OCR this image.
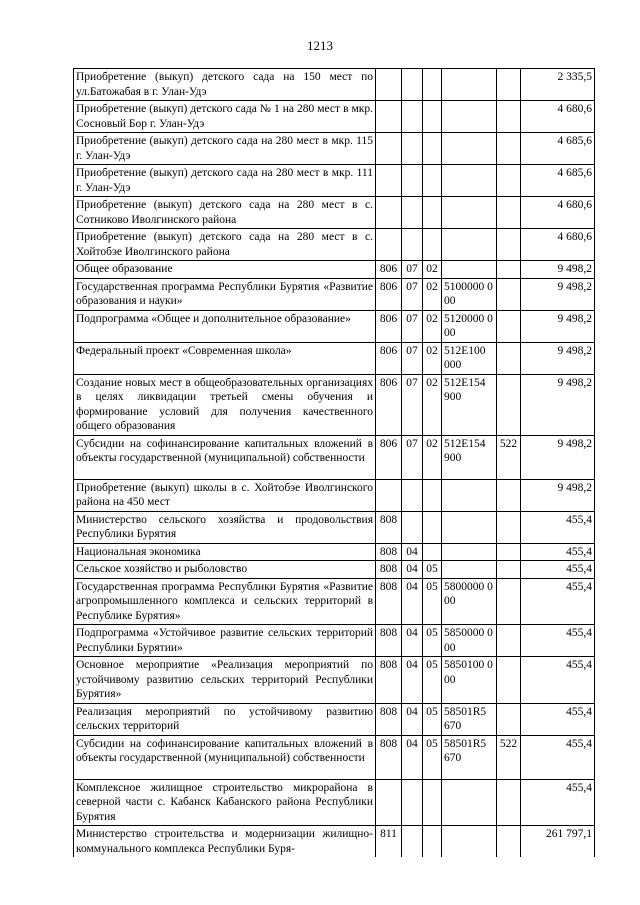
1213
Приобретение (выкуп) детского сада на 150 мест по ул.Батожабая в г. Улан-Удэ						2 335,5
Приобретение (выкуп) детского сада № 1 на 280 мест в мкр. Сосновый Бор г. Улан-Удэ						4 680,6
Приобретение (выкуп) детского сада на 280 мест в мкр. 115 г. Улан-Удэ						4 685,6
Приобретение (выкуп) детского сада на 280 мест в мкр. 111 г. Улан-Удэ						4 685,6
Приобретение (выкуп) детского сада на 280 мест в с. Сотниково Иволгинского района						4 680,6
Приобретение (выкуп) детского сада на 280 мест в с. Хойтобэе Иволгинского района						4 680,6
Общее образование	806	07	02			9 498,2
Государственная программа Республики Бурятия «Развитие образования и науки»	806	07	02	5100000 000		9 498,2
Подпрограмма «Общее и дополнительное образование»	806	07	02	5120000 000		9 498,2
Федеральный проект «Современная школа»	806	07	02	512E100 000		9 498,2
Создание новых мест в общеобразовательных организациях в целях ликвидации третьей смены обучения и формирование условий для получения качественного общего образования	806	07	02	512E154 900		9 498,2
Субсидии на софинансирование капитальных вложений в объекты государственной (муниципальной) собственности	806	07	02	512E154 900	522	9 498,2
Приобретение (выкуп) школы в с. Хойтобэе Иволгинского района на 450 мест						9 498,2
Министерство сельского хозяйства и продовольствия Республики Бурятия	808					455,4
Национальная экономика	808	04				455,4
Сельское хозяйство и рыболовство	808	04	05			455,4
Государственная программа Республики Бурятия «Развитие агропромышленного комплекса и сельских территорий в Республике Бурятия»	808	04	05	5800000 000		455,4
Подпрограмма «Устойчивое развитие сельских территорий Республики Бурятии»	808	04	05	5850000 000		455,4
Основное мероприятие «Реализация мероприятий по устойчивому развитию сельских территорий Республики Бурятия»	808	04	05	5850100 000		455,4
Реализация мероприятий по устойчивому развитию сельских территорий	808	04	05	58501R5 670		455,4
Субсидии на софинансирование капитальных вложений в объекты государственной (муниципальной) собственности	808	04	05	58501R5 670	522	455,4
Комплексное жилищное строительство микрорайона в северной части с. Кабанск Кабанского района Республики Бурятия						455,4
Министерство строительства и модернизации жилищно-коммунального комплекса Республики Буря-	811					261 797,1
